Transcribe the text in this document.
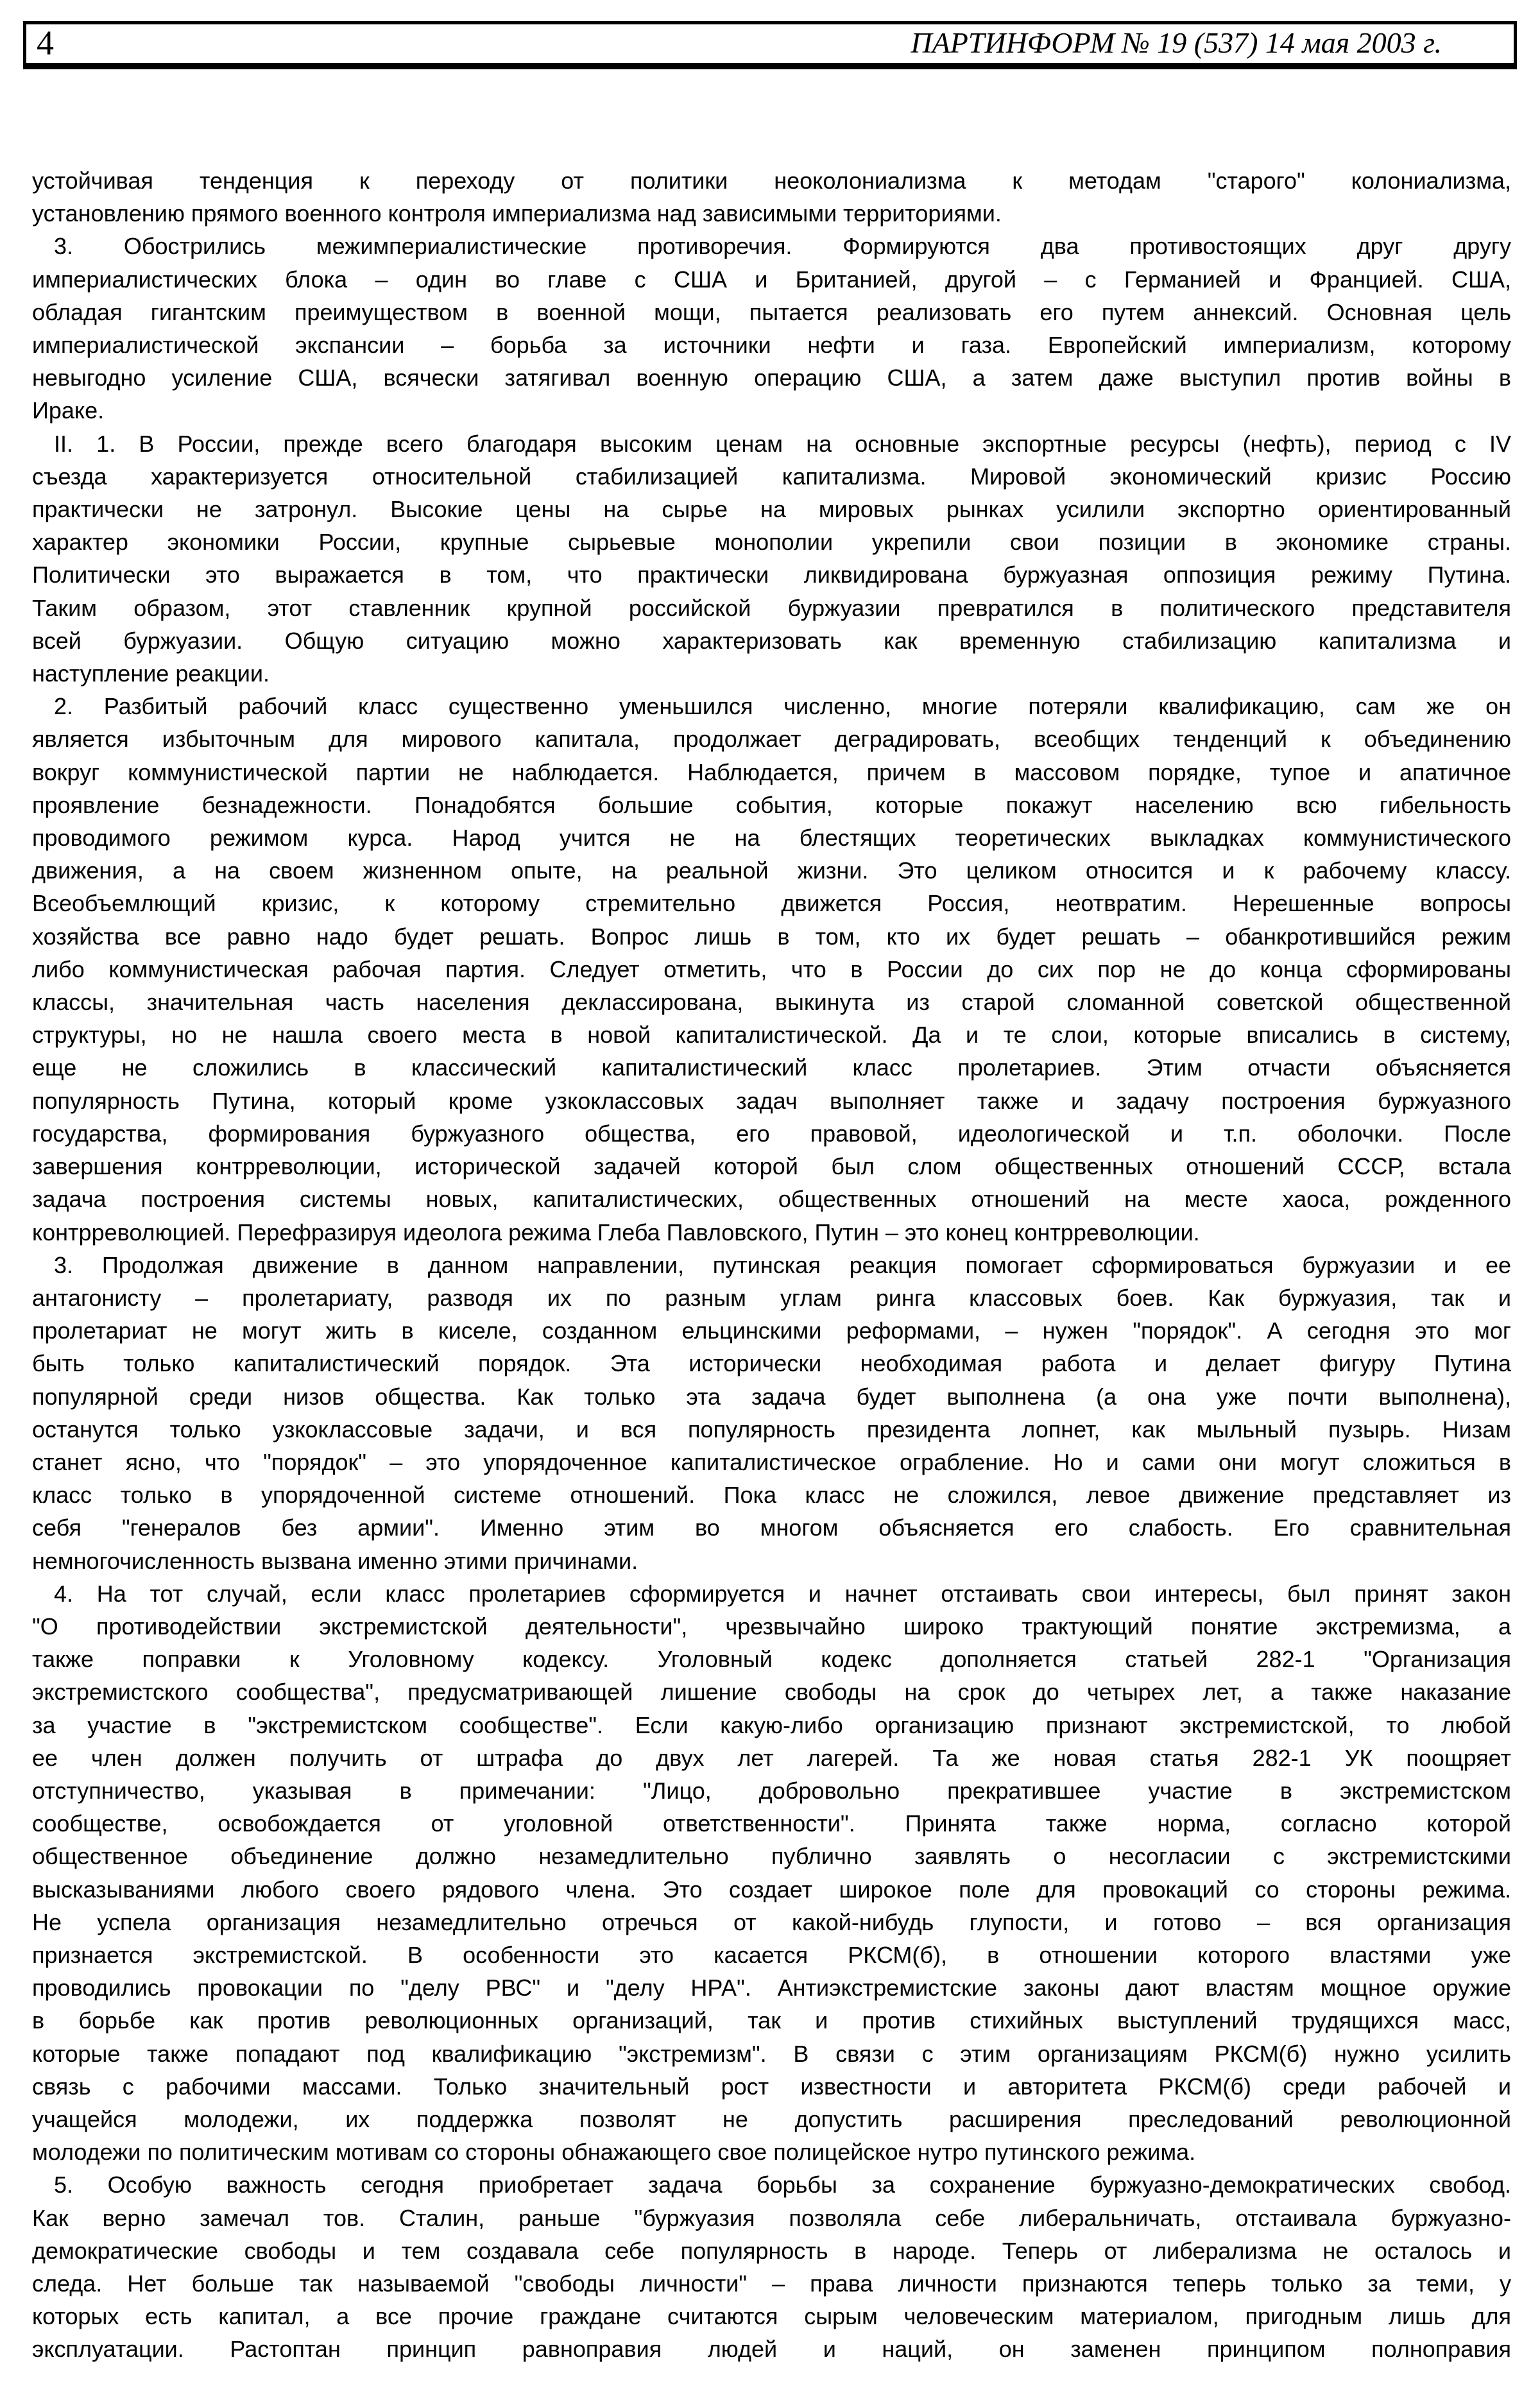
4	ПАРТИНФОРМ № 19 (537) 14 мая 2003 г.
устойчивая тенденция к переходу от политики неоколониализма к методам "старого" колониализма,
установлению прямого военного контроля империализма над зависимыми территориями.
3. Обострились межимпериалистические противоречия. Формируются два противостоящих друг другу
империалистических блока – один во главе с США и Британией, другой – с Германией и Францией. США,
обладая гигантским преимуществом в военной мощи, пытается реализовать его путем аннексий. Основная цель
империалистической экспансии – борьба за источники нефти и газа. Европейский империализм, которому
невыгодно усиление США, всячески затягивал военную операцию США, а затем даже выступил против войны в
Ираке.
II. 1. В России, прежде всего благодаря высоким ценам на основные экспортные ресурсы (нефть), период с IV
съезда характеризуется относительной стабилизацией капитализма. Мировой экономический кризис Россию
практически не затронул. Высокие цены на сырье на мировых рынках усилили экспортно ориентированный
характер экономики России, крупные сырьевые монополии укрепили свои позиции в экономике страны.
Политически это выражается в том, что практически ликвидирована буржуазная оппозиция режиму Путина.
Таким образом, этот ставленник крупной российской буржуазии превратился в политического представителя
всей буржуазии. Общую ситуацию можно характеризовать как временную стабилизацию капитализма и
наступление реакции.
2. Разбитый рабочий класс существенно уменьшился численно, многие потеряли квалификацию, сам же он
является избыточным для мирового капитала, продолжает деградировать, всеобщих тенденций к объединению
вокруг коммунистической партии не наблюдается. Наблюдается, причем в массовом порядке, тупое и апатичное
проявление безнадежности. Понадобятся большие события, которые покажут населению всю гибельность
проводимого режимом курса. Народ учится не на блестящих теоретических выкладках коммунистического
движения, а на своем жизненном опыте, на реальной жизни. Это целиком относится и к рабочему классу.
Всеобъемлющий кризис, к которому стремительно движется Россия, неотвратим. Нерешенные вопросы
хозяйства все равно надо будет решать. Вопрос лишь в том, кто их будет решать – обанкротившийся режим
либо коммунистическая рабочая партия. Следует отметить, что в России до сих пор не до конца сформированы
классы, значительная часть населения деклассирована, выкинута из старой сломанной советской общественной
структуры, но не нашла своего места в новой капиталистической. Да и те слои, которые вписались в систему,
еще не сложились в классический капиталистический класс пролетариев. Этим отчасти объясняется
популярность Путина, который кроме узкоклассовых задач выполняет также и задачу построения буржуазного
государства, формирования буржуазного общества, его правовой, идеологической и т.п. оболочки. После
завершения контрреволюции, исторической задачей которой был слом общественных отношений СССР, встала
задача построения системы новых, капиталистических, общественных отношений на месте хаоса, рожденного
контрреволюцией. Перефразируя идеолога режима Глеба Павловского, Путин – это конец контрреволюции.
3. Продолжая движение в данном направлении, путинская реакция помогает сформироваться буржуазии и ее
антагонисту – пролетариату, разводя их по разным углам ринга классовых боев. Как буржуазия, так и
пролетариат не могут жить в киселе, созданном ельцинскими реформами, – нужен "порядок". А сегодня это мог
быть только капиталистический порядок. Эта исторически необходимая работа и делает фигуру Путина
популярной среди низов общества. Как только эта задача будет выполнена (а она уже почти выполнена),
останутся только узкоклассовые задачи, и вся популярность президента лопнет, как мыльный пузырь. Низам
станет ясно, что "порядок" – это упорядоченное капиталистическое ограбление. Но и сами они могут сложиться в
класс только в упорядоченной системе отношений. Пока класс не сложился, левое движение представляет из
себя "генералов без армии". Именно этим во многом объясняется его слабость. Его сравнительная
немногочисленность вызвана именно этими причинами.
4. На тот случай, если класс пролетариев сформируется и начнет отстаивать свои интересы, был принят закон
"О противодействии экстремистской деятельности", чрезвычайно широко трактующий понятие экстремизма, а
также поправки к Уголовному кодексу. Уголовный кодекс дополняется статьей 282-1 "Организация
экстремистского сообщества", предусматривающей лишение свободы на срок до четырех лет, а также наказание
за участие в "экстремистском сообществе". Если какую-либо организацию признают экстремистской, то любой
ее член должен получить от штрафа до двух лет лагерей. Та же новая статья 282-1 УК поощряет
отступничество, указывая в примечании: "Лицо, добровольно прекратившее участие в экстремистском
сообществе, освобождается от уголовной ответственности". Принята также норма, согласно которой
общественное объединение должно незамедлительно публично заявлять о несогласии с экстремистскими
высказываниями любого своего рядового члена. Это создает широкое поле для провокаций со стороны режима.
Не успела организация незамедлительно отречься от какой-нибудь глупости, и готово – вся организация
признается экстремистской. В особенности это касается РКСМ(б), в отношении которого властями уже
проводились провокации по "делу РВС" и "делу НРА". Антиэкстремистские законы дают властям мощное оружие
в борьбе как против революционных организаций, так и против стихийных выступлений трудящихся масс,
которые также попадают под квалификацию "экстремизм". В связи с этим организациям РКСМ(б) нужно усилить
связь с рабочими массами. Только значительный рост известности и авторитета РКСМ(б) среди рабочей и
учащейся молодежи, их поддержка позволят не допустить расширения преследований революционной
молодежи по политическим мотивам со стороны обнажающего свое полицейское нутро путинского режима.
5. Особую важность сегодня приобретает задача борьбы за сохранение буржуазно-демократических свобод.
Как верно замечал тов. Сталин, раньше "буржуазия позволяла себе либеральничать, отстаивала буржуазно-
демократические свободы и тем создавала себе популярность в народе. Теперь от либерализма не осталось и
следа. Нет больше так называемой "свободы личности" – права личности признаются теперь только за теми, у
которых есть капитал, а все прочие граждане считаются сырым человеческим материалом, пригодным лишь для
эксплуатации. Растоптан принцип равноправия людей и наций, он заменен принципом полноправия
